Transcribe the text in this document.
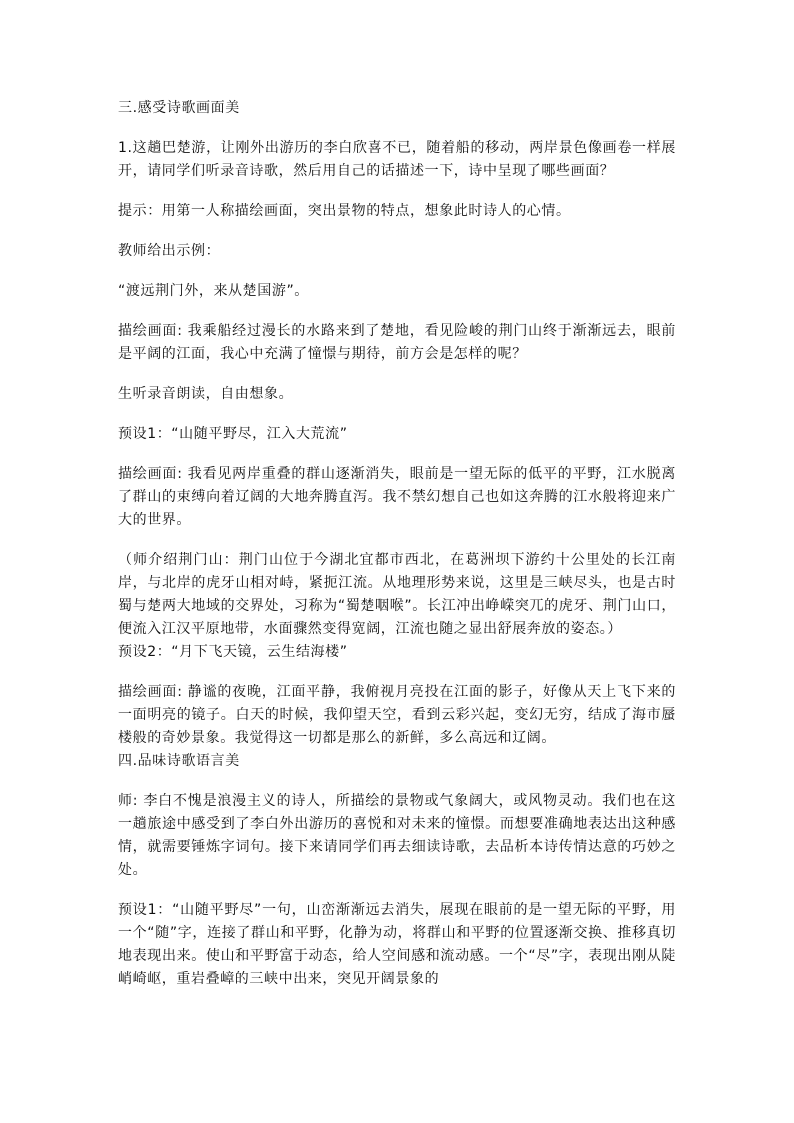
三.感受诗歌画面美

1.这趟巴楚游，让刚外出游历的李白欣喜不已，随着船的移动，两岸景色像画卷一样展开，请同学们听录音诗歌，然后用自己的话描述一下，诗中呈现了哪些画面？

提示：用第一人称描绘画面，突出景物的特点，想象此时诗人的心情。

教师给出示例：

“渡远荆门外，来从楚国游”。

描绘画面: 我乘船经过漫长的水路来到了楚地，看见险峻的荆门山终于渐渐远去，眼前是平阔的江面，我心中充满了憧憬与期待，前方会是怎样的呢？

生听录音朗读，自由想象。

预设1：“山随平野尽，江入大荒流”

描绘画面: 我看见两岸重叠的群山逐渐消失，眼前是一望无际的低平的平野，江水脱离了群山的束缚向着辽阔的大地奔腾直泻。我不禁幻想自己也如这奔腾的江水般将迎来广大的世界。

（师介绍荆门山：荆门山位于今湖北宜都市西北，在葛洲坝下游约十公里处的长江南岸，与北岸的虎牙山相对峙，紧扼江流。从地理形势来说，这里是三峡尽头，也是古时蜀与楚两大地域的交界处，习称为“蜀楚咽喉”。长江冲出峥嵘突兀的虎牙、荆门山口，便流入江汉平原地带，水面骤然变得宽阔，江流也随之显出舒展奔放的姿态。）

预设2：“月下飞天镜，云生结海楼”

描绘画面: 静谧的夜晚，江面平静，我俯视月亮投在江面的影子，好像从天上飞下来的一面明亮的镜子。白天的时候，我仰望天空，看到云彩兴起，变幻无穷，结成了海市蜃楼般的奇妙景象。我觉得这一切都是那么的新鲜，多么高远和辽阔。

四.品味诗歌语言美

师: 李白不愧是浪漫主义的诗人，所描绘的景物或气象阔大，或风物灵动。我们也在这一趟旅途中感受到了李白外出游历的喜悦和对未来的憧憬。而想要准确地表达出这种感情，就需要锤炼字词句。接下来请同学们再去细读诗歌，去品析本诗传情达意的巧妙之处。

预设1：“山随平野尽”一句，山峦渐渐远去消失，展现在眼前的是一望无际的平野，用一个“随”字，连接了群山和平野，化静为动，将群山和平野的位置逐渐交换、推移真切地表现出来。使山和平野富于动态，给人空间感和流动感。一个“尽”字，表现出刚从陡峭崎岖，重岩叠嶂的三峡中出来，突见开阔景象的
